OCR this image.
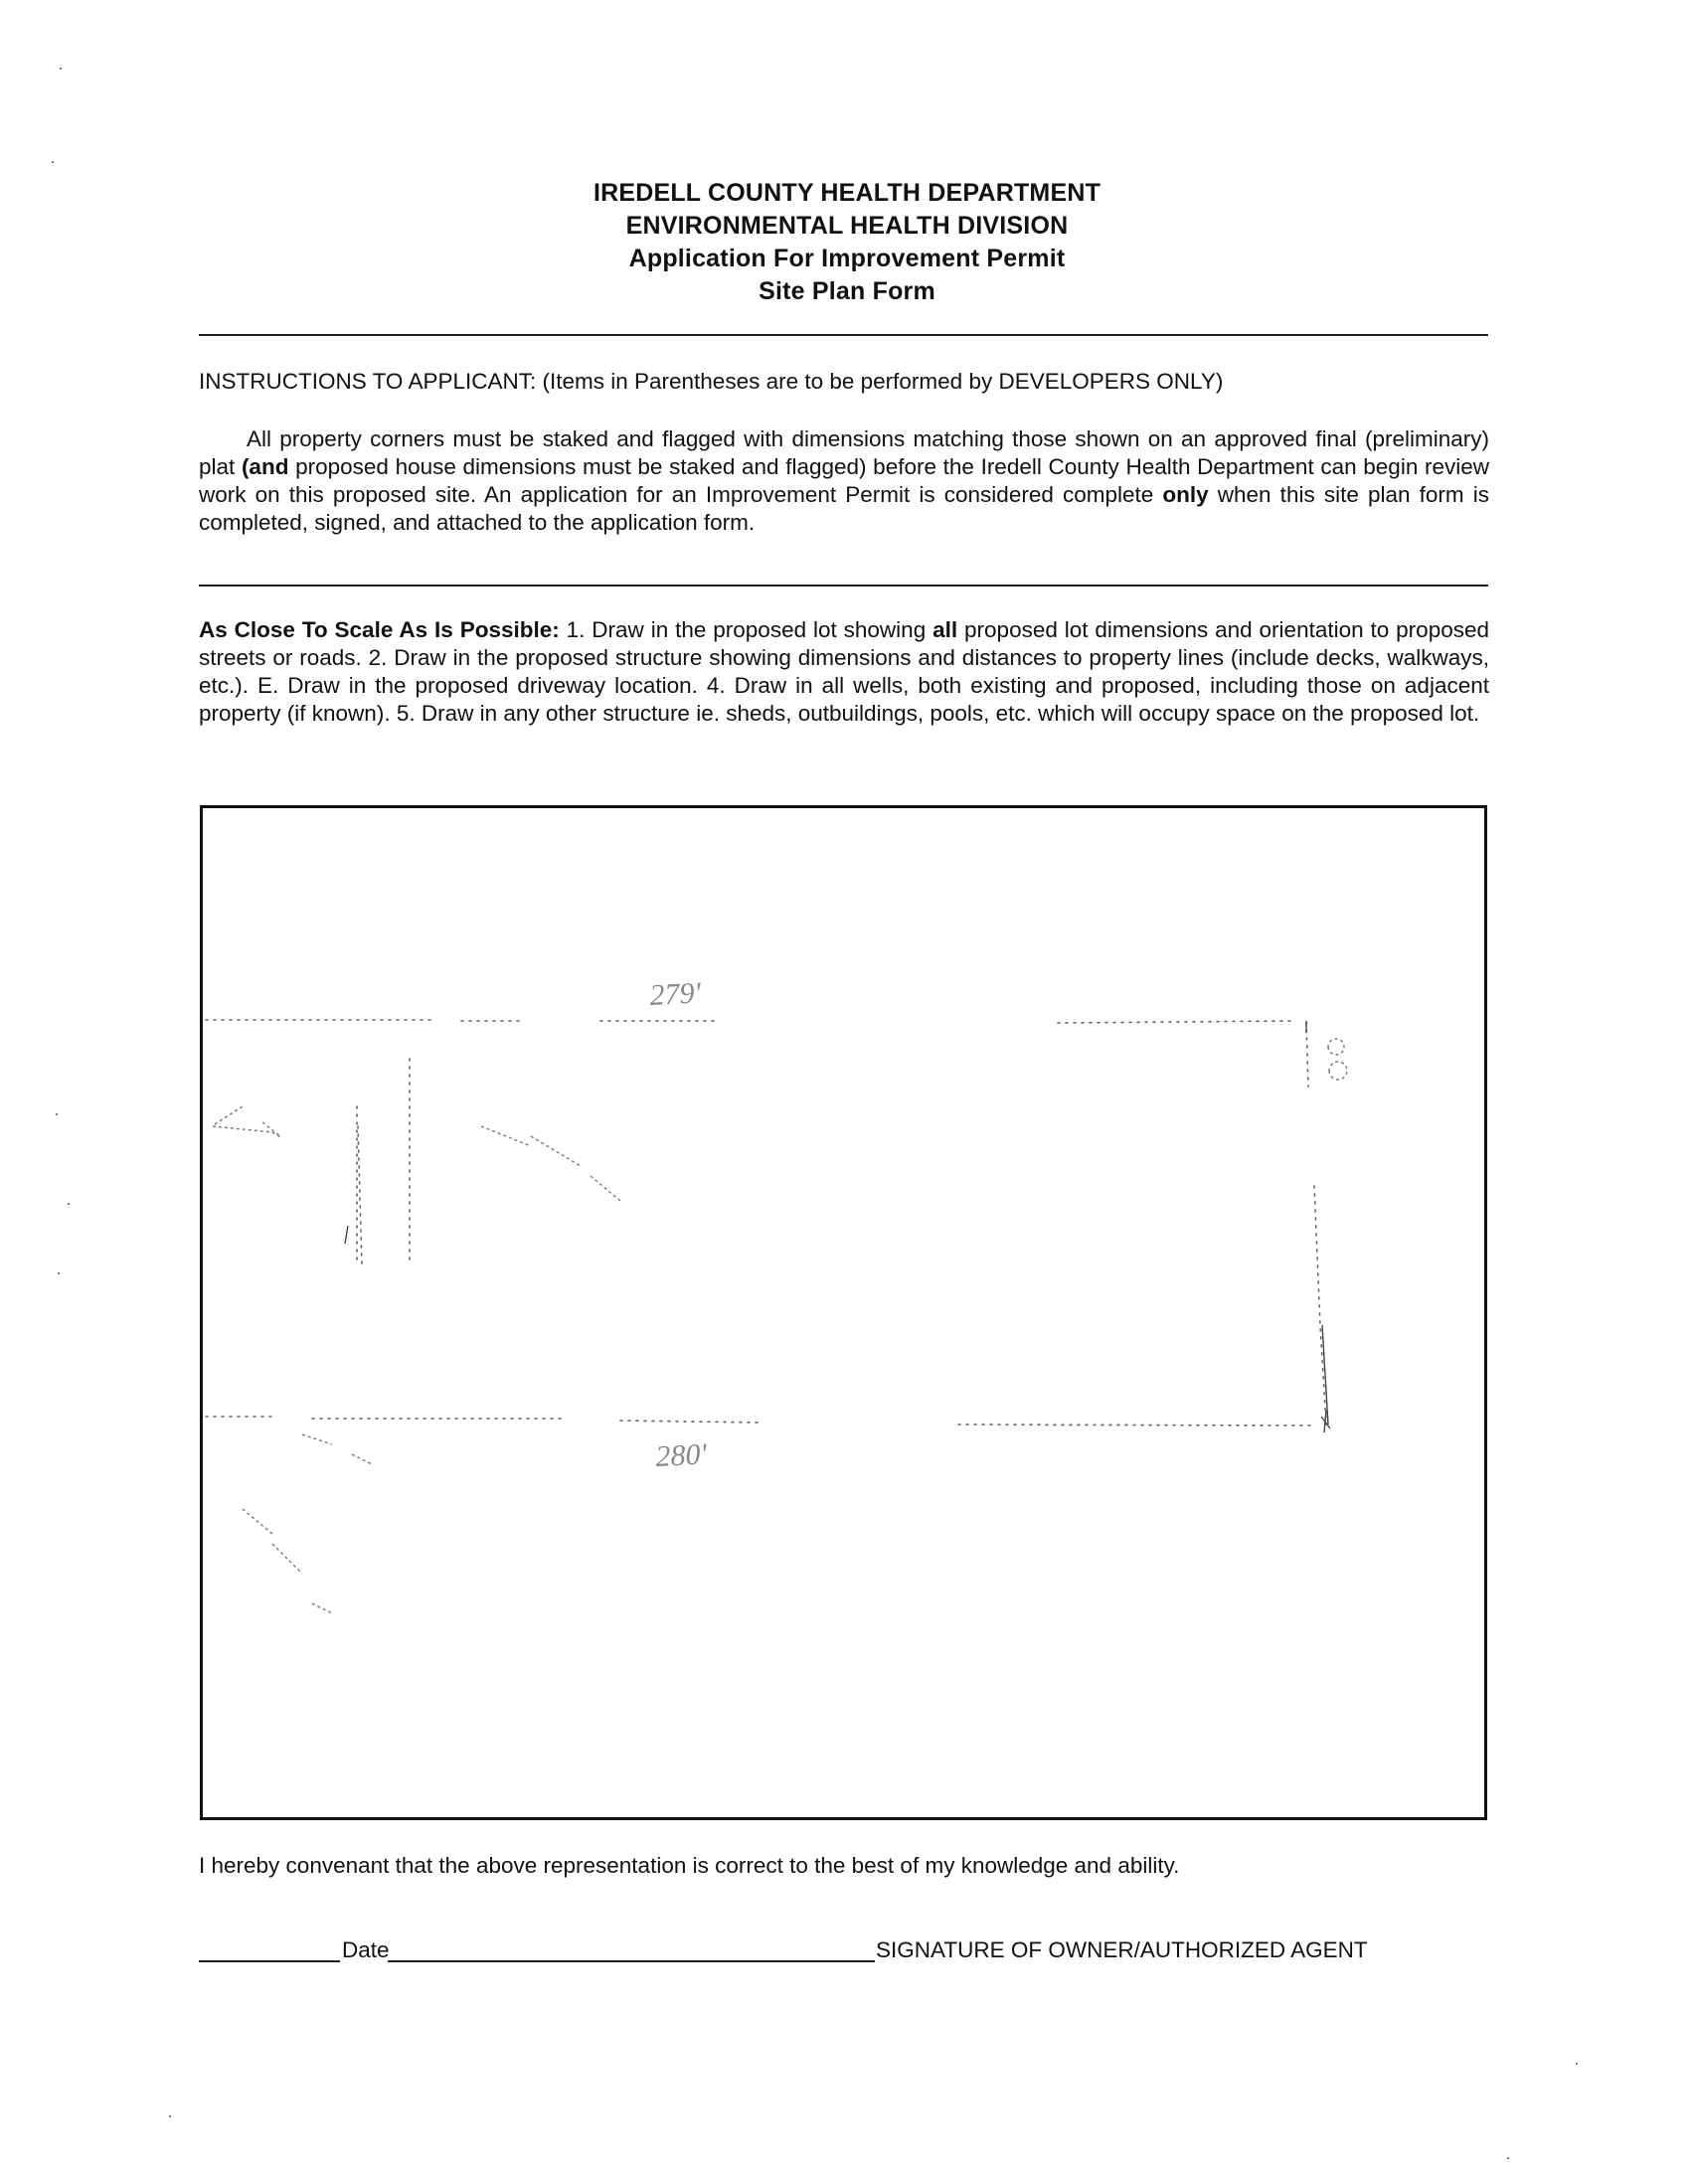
IREDELL COUNTY HEALTH DEPARTMENT
ENVIRONMENTAL HEALTH DIVISION
Application For Improvement Permit
Site Plan Form
INSTRUCTIONS TO APPLICANT: (Items in Parentheses are to be performed by DEVELOPERS ONLY)
All property corners must be staked and flagged with dimensions matching those shown on an approved final (preliminary) plat (and proposed house dimensions must be staked and flagged) before the Iredell County Health Department can begin review work on this proposed site. An application for an Improvement Permit is considered complete only when this site plan form is completed, signed, and attached to the application form.
As Close To Scale As Is Possible: 1. Draw in the proposed lot showing all proposed lot dimensions and orientation to proposed streets or roads. 2. Draw in the proposed structure showing dimensions and distances to property lines (include decks, walkways, etc.). E. Draw in the proposed driveway location. 4. Draw in all wells, both existing and proposed, including those on adjacent property (if known). 5. Draw in any other structure ie. sheds, outbuildings, pools, etc. which will occupy space on the proposed lot.
279'
280'
I hereby convenant that the above representation is correct to the best of my knowledge and ability.
Date	SIGNATURE OF OWNER/AUTHORIZED AGENT
